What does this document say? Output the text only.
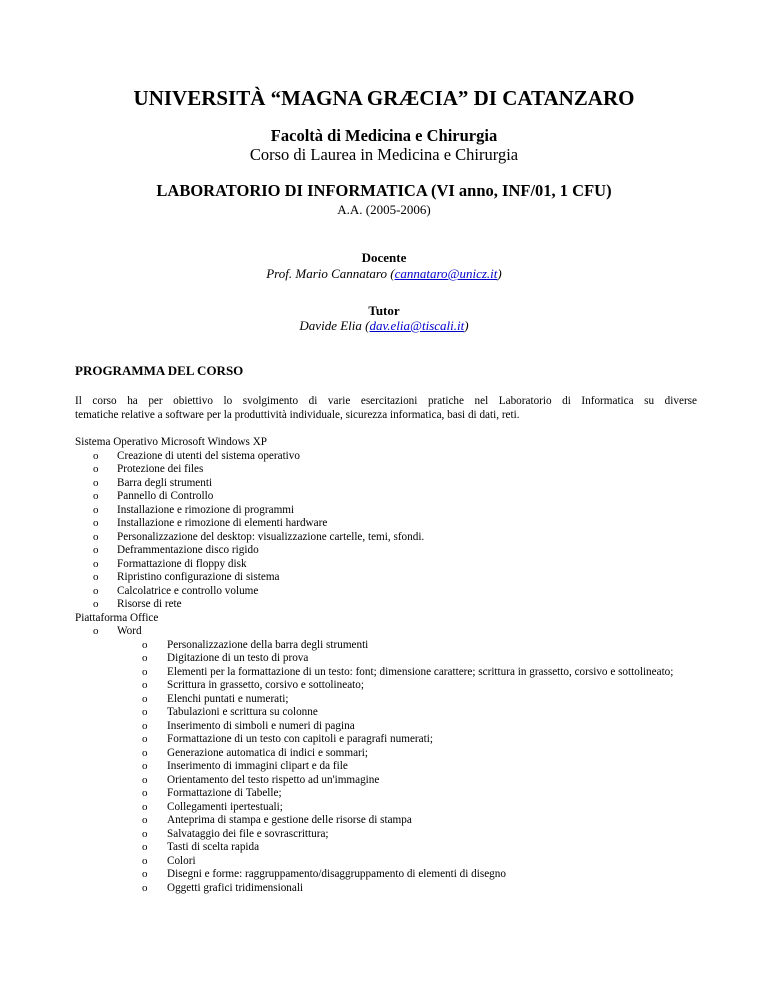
UNIVERSITÀ “MAGNA GRÆCIA” DI CATANZARO
Facoltà di Medicina e Chirurgia
Corso di Laurea in Medicina e Chirurgia
LABORATORIO DI INFORMATICA (VI anno, INF/01, 1 CFU)
A.A. (2005-2006)
Docente
Prof. Mario Cannataro (cannataro@unicz.it)
Tutor
Davide Elia (dav.elia@tiscali.it)
PROGRAMMA DEL CORSO
Il corso ha per obiettivo lo svolgimento di varie esercitazioni pratiche nel Laboratorio di Informatica su diverse
tematiche relative a software per la produttività individuale, sicurezza informatica, basi di dati, reti.
Sistema Operativo Microsoft Windows XP
o Creazione di utenti del sistema operativo
o Protezione dei files
o Barra degli strumenti
o Pannello di Controllo
o Installazione e rimozione di programmi
o Installazione e rimozione di elementi hardware
o Personalizzazione del desktop: visualizzazione cartelle, temi, sfondi.
o Deframmentazione disco rigido
o Formattazione di floppy disk
o Ripristino configurazione di sistema
o Calcolatrice e controllo volume
o Risorse di rete
Piattaforma Office
o Word
o Personalizzazione della barra degli strumenti
o Digitazione di un testo di prova
o Elementi per la formattazione di un testo: font; dimensione carattere; scrittura in grassetto, corsivo e sottolineato;
o Scrittura in grassetto, corsivo e sottolineato;
o Elenchi puntati e numerati;
o Tabulazioni e scrittura su colonne
o Inserimento di simboli e numeri di pagina
o Formattazione di un testo con capitoli e paragrafi numerati;
o Generazione automatica di indici e sommari;
o Inserimento di immagini clipart e da file
o Orientamento del testo rispetto ad un'immagine
o Formattazione di Tabelle;
o Collegamenti ipertestuali;
o Anteprima di stampa e gestione delle risorse di stampa
o Salvataggio dei file e sovrascrittura;
o Tasti di scelta rapida
o Colori
o Disegni e forme: raggruppamento/disaggruppamento di elementi di disegno
o Oggetti grafici tridimensionali
